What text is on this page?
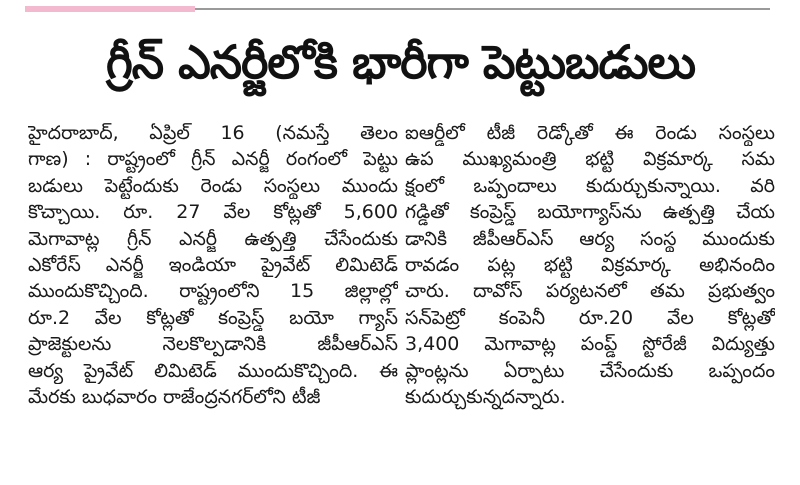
గ్రీన్ ఎనర్జీలోకి భారీగా పెట్టుబడులు
హైదరాబాద్, ఏప్రిల్ 16 (నమస్తే తెలం
గాణ) : రాష్ట్రంలో గ్రీన్ ఎనర్జీ రంగంలో పెట్టు
బడులు పెట్టేందుకు రెండు సంస్థలు ముందు
కొచ్చాయి. రూ. 27 వేల కోట్లతో 5,600
మెగావాట్ల గ్రీన్ ఎనర్జీ ఉత్పత్తి చేసేందుకు
ఎకోరేస్ ఎనర్జీ ఇండియా ప్రైవేట్ లిమిటెడ్
ముందుకొచ్చింది. రాష్ట్రంలోని 15 జిల్లాల్లో
రూ.2 వేల కోట్లతో కంప్రెస్డ్ బయో గ్యాస్
ప్రాజెక్టులను నెలకొల్పడానికి జీపీఆర్ఎస్
ఆర్య ప్రైవేట్ లిమిటెడ్ ముందుకొచ్చింది. ఈ
మేరకు బుధవారం రాజేంద్రనగర్‌లోని టీజీ
ఐఆర్డీలో టీజీ రెడ్కోతో ఈ రెండు సంస్థలు
ఉప ముఖ్యమంత్రి భట్టి విక్రమార్క సమ
క్షంలో ఒప్పందాలు కుదుర్చుకున్నాయి. వరి
గడ్డితో కంప్రెస్డ్ బయోగ్యాస్‌ను ఉత్పత్తి చేయ
డానికి జీపీఆర్ఎస్ ఆర్య సంస్థ ముందుకు
రావడం పట్ల భట్టి విక్రమార్క అభినందిం
చారు. దావోస్ పర్యటనలో తమ ప్రభుత్వం
సన్‌పెట్రో కంపెనీ రూ.20 వేల కోట్లతో
3,400 మెగావాట్ల పంప్డ్ స్టోరేజీ విద్యుత్తు
ప్లాంట్లను ఏర్పాటు చేసేందుకు ఒప్పందం
కుదుర్చుకున్నదన్నారు.
